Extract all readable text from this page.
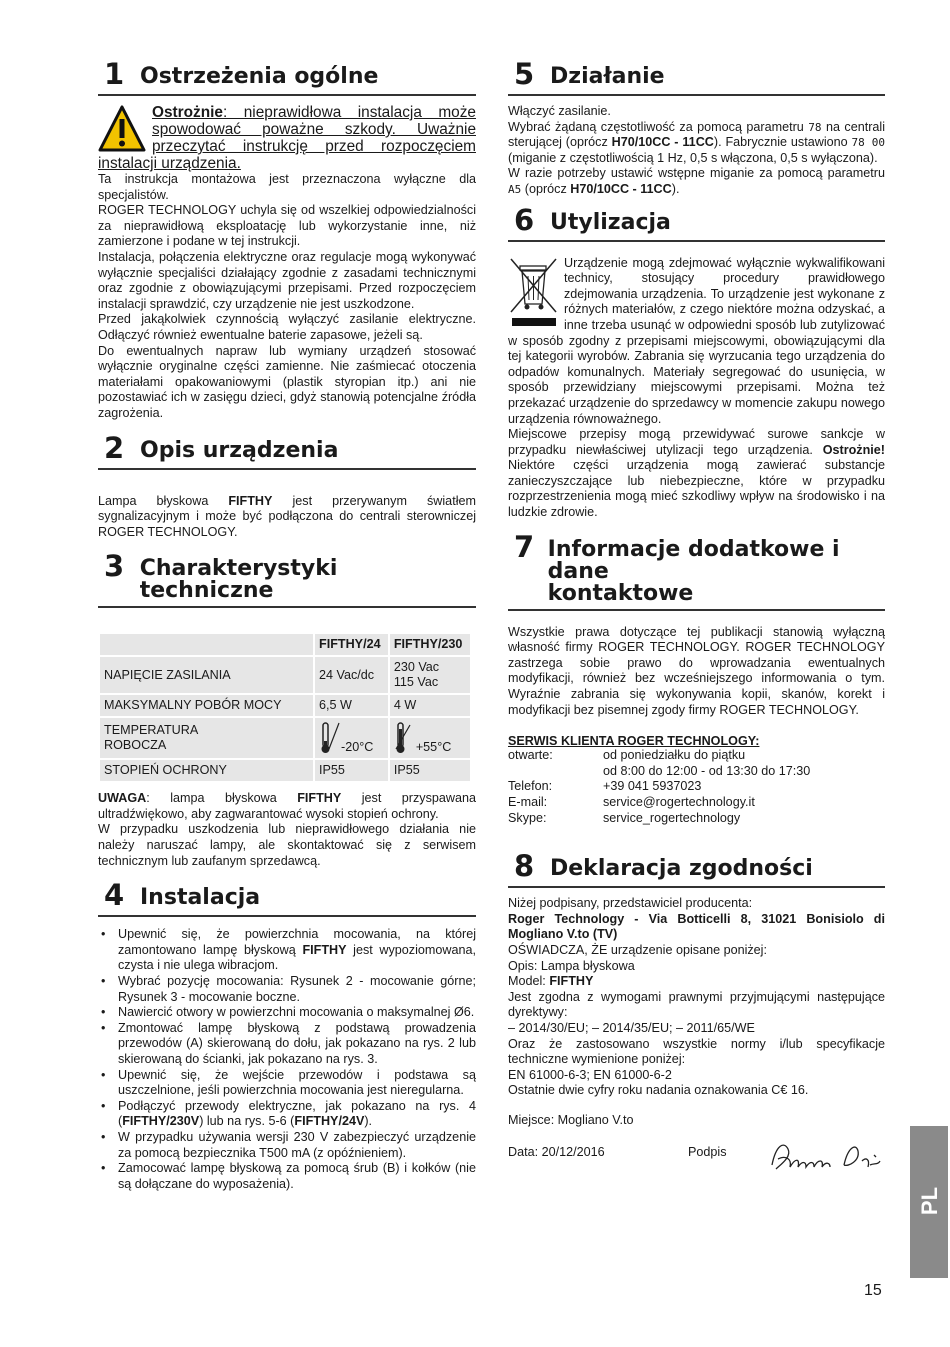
1 Ostrzeżenia ogólne
Ostrożnie: nieprawidłowa instalacja może spowodować poważne szkody. Uważnie przeczytać instrukcję przed rozpoczęciem instalacji urządzenia.

Ta instrukcja montażowa jest przeznaczona wyłączne dla specjalistów.

ROGER TECHNOLOGY uchyla się od wszelkiej odpowiedzialności za nieprawidłową eksploatację lub wykorzystanie inne, niż zamierzone i podane w tej instrukcji.

Instalacja, połączenia elektryczne oraz regulacje mogą wykonywać wyłącznie specjaliści działający zgodnie z zasadami technicznymi oraz zgodnie z obowiązującymi przepisami. Przed rozpoczęciem instalacji sprawdzić, czy urządzenie nie jest uszkodzone.

Przed jakąkolwiek czynnością wyłączyć zasilanie elektryczne. Odłączyć również ewentualne baterie zapasowe, jeżeli są.

Do ewentualnych napraw lub wymiany urządzeń stosować wyłącznie oryginalne części zamienne. Nie zaśmiecać otoczenia materiałami opakowaniowymi (plastik styropian itp.) ani nie pozostawiać ich w zasięgu dzieci, gdyż stanowią potencjalne źródła zagrożenia.

2 Opis urządzenia

Lampa błyskowa FIFTHY jest przerywanym światłem sygnalizacyjnym i może być podłączona do centrali sterowniczej ROGER TECHNOLOGY.

3 Charakterystyki techniczne
	FIFTHY/24	FIFTHY/230
NAPIĘCIE ZASILANIA	24 Vac/dc	230 Vac
115 Vac
MAKSYMALNY POBÓR MOCY	6,5 W	4 W
TEMPERATURA
ROBOCZA	-20°C	+55°C
STOPIEŃ OCHRONY	IP55	IP55

UWAGA: lampa błyskowa FIFTHY jest przyspawana ultradźwiękowo, aby zagwarantować wysoki stopień ochrony.

W przypadku uszkodzenia lub nieprawidłowego działania nie należy naruszać lampy, ale skontaktować się z serwisem technicznym lub zaufanym sprzedawcą.

4 Instalacja
• Upewnić się, że powierzchnia mocowania, na której zamontowano lampę błyskową FIFTHY jest wypoziomowana, czysta i nie ulega wibracjom.
• Wybrać pozycję mocowania: Rysunek 2 - mocowanie górne; Rysunek 3 - mocowanie boczne.
• Nawiercić otwory w powierzchni mocowania o maksymalnej Ø6.
• Zmontować lampę błyskową z podstawą prowadzenia przewodów (A) skierowaną do dołu, jak pokazano na rys. 2 lub skierowaną do ścianki, jak pokazano na rys. 3.
• Upewnić się, że wejście przewodów i podstawa są uszczelnione, jeśli powierzchnia mocowania jest nieregularna.
• Podłączyć przewody elektryczne, jak pokazano na rys. 4 (FIFTHY/230V) lub na rys. 5-6 (FIFTHY/24V).
• W przypadku używania wersji 230 V zabezpieczyć urządzenie za pomocą bezpiecznika T500 mA (z opóźnieniem).
• Zamocować lampę błyskową za pomocą śrub (B) i kołków (nie są dołączane do wyposażenia).
5 Działanie

Włączyć zasilanie.

Wybrać żądaną częstotliwość za pomocą parametru 78 na centrali sterującej (oprócz H70/10CC - 11CC). Fabrycznie ustawiono 78 00 (miganie z częstotliwością 1 Hz, 0,5 s włączona, 0,5 s wyłączona).

W razie potrzeby ustawić wstępne miganie za pomocą parametru A5 (oprócz H70/10CC - 11CC).

6 Utylizacja

Urządzenie mogą zdejmować wyłącznie wykwalifikowani technicy, stosujący procedury prawidłowego zdejmowania urządzenia. To urządzenie jest wykonane z różnych materiałów, z czego niektóre można odzyskać, a inne trzeba usunąć w odpowiedni sposób lub zutylizować w sposób zgodny z przepisami miejscowymi, obowiązującymi dla tej kategorii wyrobów. Zabrania się wyrzucania tego urządzenia do odpadów komunalnych. Materiały segregować do usunięcia, w sposób przewidziany miejscowymi przepisami. Można też przekazać urządzenie do sprzedawcy w momencie zakupu nowego urządzenia równoważnego.

Miejscowe przepisy mogą przewidywać surowe sankcje w przypadku niewłaściwej utylizacji tego urządzenia. Ostrożnie! Niektóre części urządzenia mogą zawierać substancje zanieczyszczające lub niebezpieczne, które w przypadku rozprzestrzenienia mogą mieć szkodliwy wpływ na środowisko i na ludzkie zdrowie.

7 Informacje dodatkowe i dane
kontaktowe

Wszystkie prawa dotyczące tej publikacji stanowią wyłączną własność firmy ROGER TECHNOLOGY. ROGER TECHNOLOGY zastrzega sobie prawo do wprowadzania ewentualnych modyfikacji, również bez wcześniejszego informowania o tym. Wyraźnie zabrania się wykonywania kopii, skanów, korekt i modyfikacji bez pisemnej zgody firmy ROGER TECHNOLOGY.

SERWIS KLIENTA ROGER TECHNOLOGY:
otwarte:	od poniedziałku do piątku
od 8:00 do 12:00 - od 13:30 do 17:30
Telefon:	+39 041 5937023
E-mail:	service@rogertechnology.it
Skype:	service_rogertechnology
8 Deklaracja zgodności

Niżej podpisany, przedstawiciel producenta:

Roger Technology - Via Botticelli 8, 31021 Bonisiolo di Mogliano V.to (TV)

OŚWIADCZA, ŻE urządzenie opisane poniżej:

Opis: Lampa błyskowa

Model: FIFTHY

Jest zgodna z wymogami prawnymi przyjmującymi następujące dyrektywy:

– 2014/30/EU; – 2014/35/EU; – 2011/65/WE

Oraz że zastosowano wszystkie normy i/lub specyfikacje techniczne wymienione poniżej:

EN 61000-6-3; EN 61000-6-2

Ostatnie dwie cyfry roku nadania oznakowania C€ 16.

Miejsce: Mogliano V.to

Data: 20/12/2016	Podpis
PL
15
